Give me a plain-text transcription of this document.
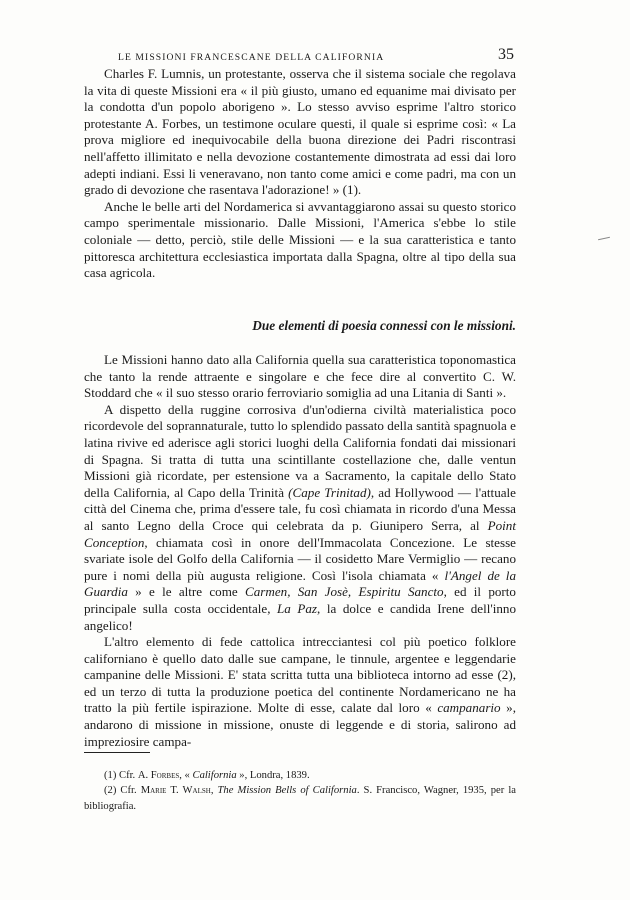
LE MISSIONI FRANCESCANE DELLA CALIFORNIA	35

Charles F. Lumnis, un protestante, osserva che il sistema sociale che regolava la vita di queste Missioni era « il più giusto, umano ed equanime mai divisato per la condotta d'un popolo aborigeno ». Lo stesso avviso esprime l'altro storico protestante A. Forbes, un testimone oculare questi, il quale si esprime così: « La prova migliore ed inequivocabile della buona direzione dei Padri riscontrasi nell'affetto illimitato e nella devozione costantemente dimostrata ad essi dai loro adepti indiani. Essi li veneravano, non tanto come amici e come padri, ma con un grado di devozione che rasentava l'adorazione! » (1).

Anche le belle arti del Nordamerica si avvantaggiarono assai su questo storico campo sperimentale missionario. Dalle Missioni, l'America s'ebbe lo stile coloniale — detto, perciò, stile delle Missioni — e la sua caratteristica e tanto pittoresca architettura ecclesiastica importata dalla Spagna, oltre al tipo della sua casa agricola.

Due elementi di poesia connessi con le missioni.

Le Missioni hanno dato alla California quella sua caratteristica toponomastica che tanto la rende attraente e singolare e che fece dire al convertito C. W. Stoddard che « il suo stesso orario ferroviario somiglia ad una Litania di Santi ».

A dispetto della ruggine corrosiva d'un'odierna civiltà materialistica poco ricordevole del soprannaturale, tutto lo splendido passato della santità spagnuola e latina rivive ed aderisce agli storici luoghi della California fondati dai missionari di Spagna. Si tratta di tutta una scintillante costellazione che, dalle ventun Missioni già ricordate, per estensione va a Sacramento, la capitale dello Stato della California, al Capo della Trinità (Cape Trinitad), ad Hollywood — l'attuale città del Cinema che, prima d'essere tale, fu così chiamata in ricordo d'una Messa al santo Legno della Croce qui celebrata da p. Giunipero Serra, al Point Conception, chiamata così in onore dell'Immacolata Concezione. Le stesse svariate isole del Golfo della California — il cosidetto Mare Vermiglio — recano pure i nomi della più augusta religione. Così l'isola chiamata « l'Angel de la Guardia » e le altre come Carmen, San Josè, Espiritu Sancto, ed il porto principale sulla costa occidentale, La Paz, la dolce e candida Irene dell'inno angelico!

L'altro elemento di fede cattolica intrecciantesi col più poetico folklore californiano è quello dato dalle sue campane, le tinnule, argentee e leggendarie campanine delle Missioni. E' stata scritta tutta una biblioteca intorno ad esse (2), ed un terzo di tutta la produzione poetica del continente Nordamericano ne ha tratto la più fertile ispirazione. Molte di esse, calate dal loro « campanario », andarono di missione in missione, onuste di leggende e di storia, salirono ad impreziosire campa-

(1) Cfr. A. Forbes, « California », Londra, 1839.

(2) Cfr. Marie T. Walsh, The Mission Bells of California. S. Francisco, Wagner, 1935, per la bibliografia.
